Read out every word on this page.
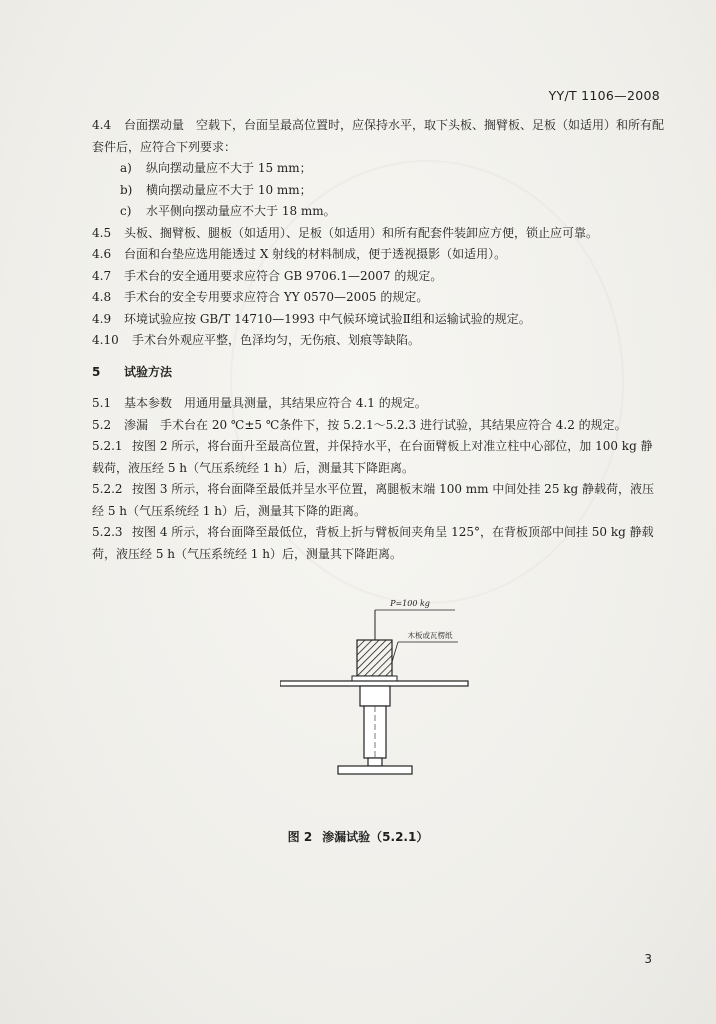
YY/T 1106—2008
4.4 台面摆动量　空载下，台面呈最高位置时，应保持水平，取下头板、搁臂板、足板（如适用）和所有配
套件后，应符合下列要求：
a) 纵向摆动量应不大于 15 mm；
b) 横向摆动量应不大于 10 mm；
c) 水平侧向摆动量应不大于 18 mm。
4.5 头板、搁臂板、腿板（如适用）、足板（如适用）和所有配套件装卸应方便，锁止应可靠。
4.6 台面和台垫应选用能透过 X 射线的材料制成，便于透视摄影（如适用）。
4.7 手术台的安全通用要求应符合 GB 9706.1—2007 的规定。
4.8 手术台的安全专用要求应符合 YY 0570—2005 的规定。
4.9 环境试验应按 GB/T 14710—1993 中气候环境试验Ⅱ组和运输试验的规定。
4.10 手术台外观应平整，色泽均匀，无伤痕、划痕等缺陷。
5 试验方法
5.1 基本参数　用通用量具测量，其结果应符合 4.1 的规定。
5.2 渗漏　手术台在 20 ℃±5 ℃条件下，按 5.2.1～5.2.3 进行试验，其结果应符合 4.2 的规定。
5.2.1 按图 2 所示，将台面升至最高位置，并保持水平，在台面臂板上对准立柱中心部位，加 100 kg 静
载荷，液压经 5 h（气压系统经 1 h）后，测量其下降距离。
5.2.2 按图 3 所示，将台面降至最低并呈水平位置，离腿板末端 100 mm 中间处挂 25 kg 静载荷，液压
经 5 h（气压系统经 1 h）后，测量其下降的距离。
5.2.3 按图 4 所示，将台面降至最低位，背板上折与臂板间夹角呈 125°，在背板顶部中间挂 50 kg 静载
荷，液压经 5 h（气压系统经 1 h）后，测量其下降距离。
P=100 kg
木板或瓦楞纸
图 2 渗漏试验（5.2.1）
3
